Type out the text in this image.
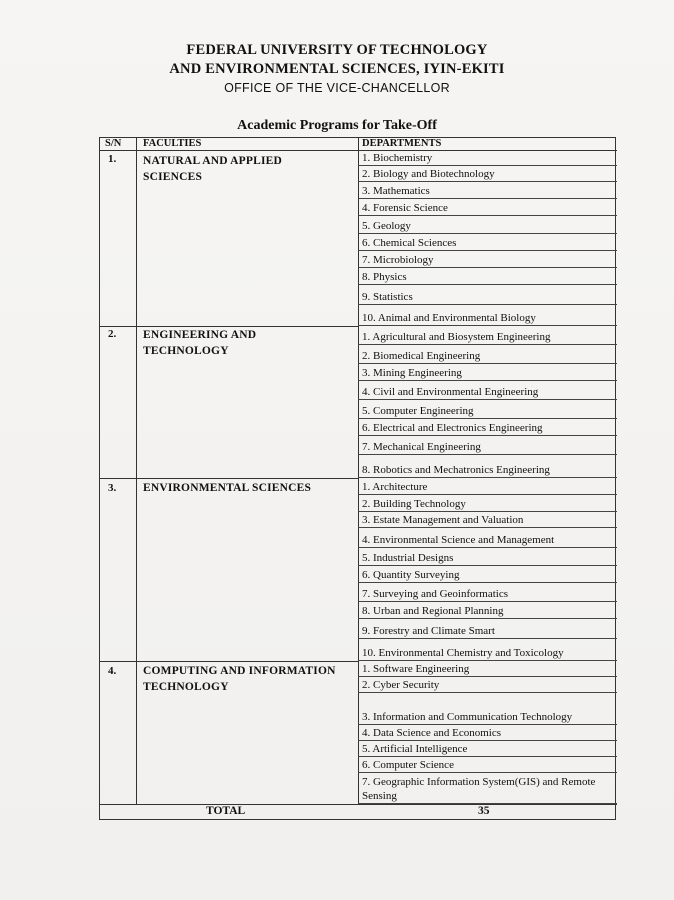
FEDERAL UNIVERSITY OF TECHNOLOGY
AND ENVIRONMENTAL SCIENCES, IYIN-EKITI
OFFICE OF THE VICE-CHANCELLOR
Academic Programs for Take-Off
S/N FACULTIES	DEPARTMENTS
1. NATURAL AND APPLIED SCIENCES
2. ENGINEERING AND TECHNOLOGY
3. ENVIRONMENTAL SCIENCES
4. COMPUTING AND INFORMATION TECHNOLOGY
TOTAL	35
1. Biochemistry
2. Biology and Biotechnology
3. Mathematics
4. Forensic Science
5. Geology
6. Chemical Sciences
7. Microbiology
8. Physics
9. Statistics
10. Animal and Environmental Biology
1. Agricultural and Biosystem Engineering
2. Biomedical Engineering
3. Mining Engineering
4. Civil and Environmental Engineering
5. Computer Engineering
6. Electrical and Electronics Engineering
7. Mechanical Engineering
8. Robotics and Mechatronics Engineering
1. Architecture
2. Building Technology
3. Estate Management and Valuation
4. Environmental Science and Management
5. Industrial Designs
6. Quantity Surveying
7. Surveying and Geoinformatics
8. Urban and Regional Planning
9. Forestry and Climate Smart
10. Environmental Chemistry and Toxicology
1. Software Engineering
2. Cyber Security
3. Information and Communication Technology
4. Data Science and Economics
5. Artificial Intelligence
6. Computer Science
7. Geographic Information System(GIS) and Remote Sensing
